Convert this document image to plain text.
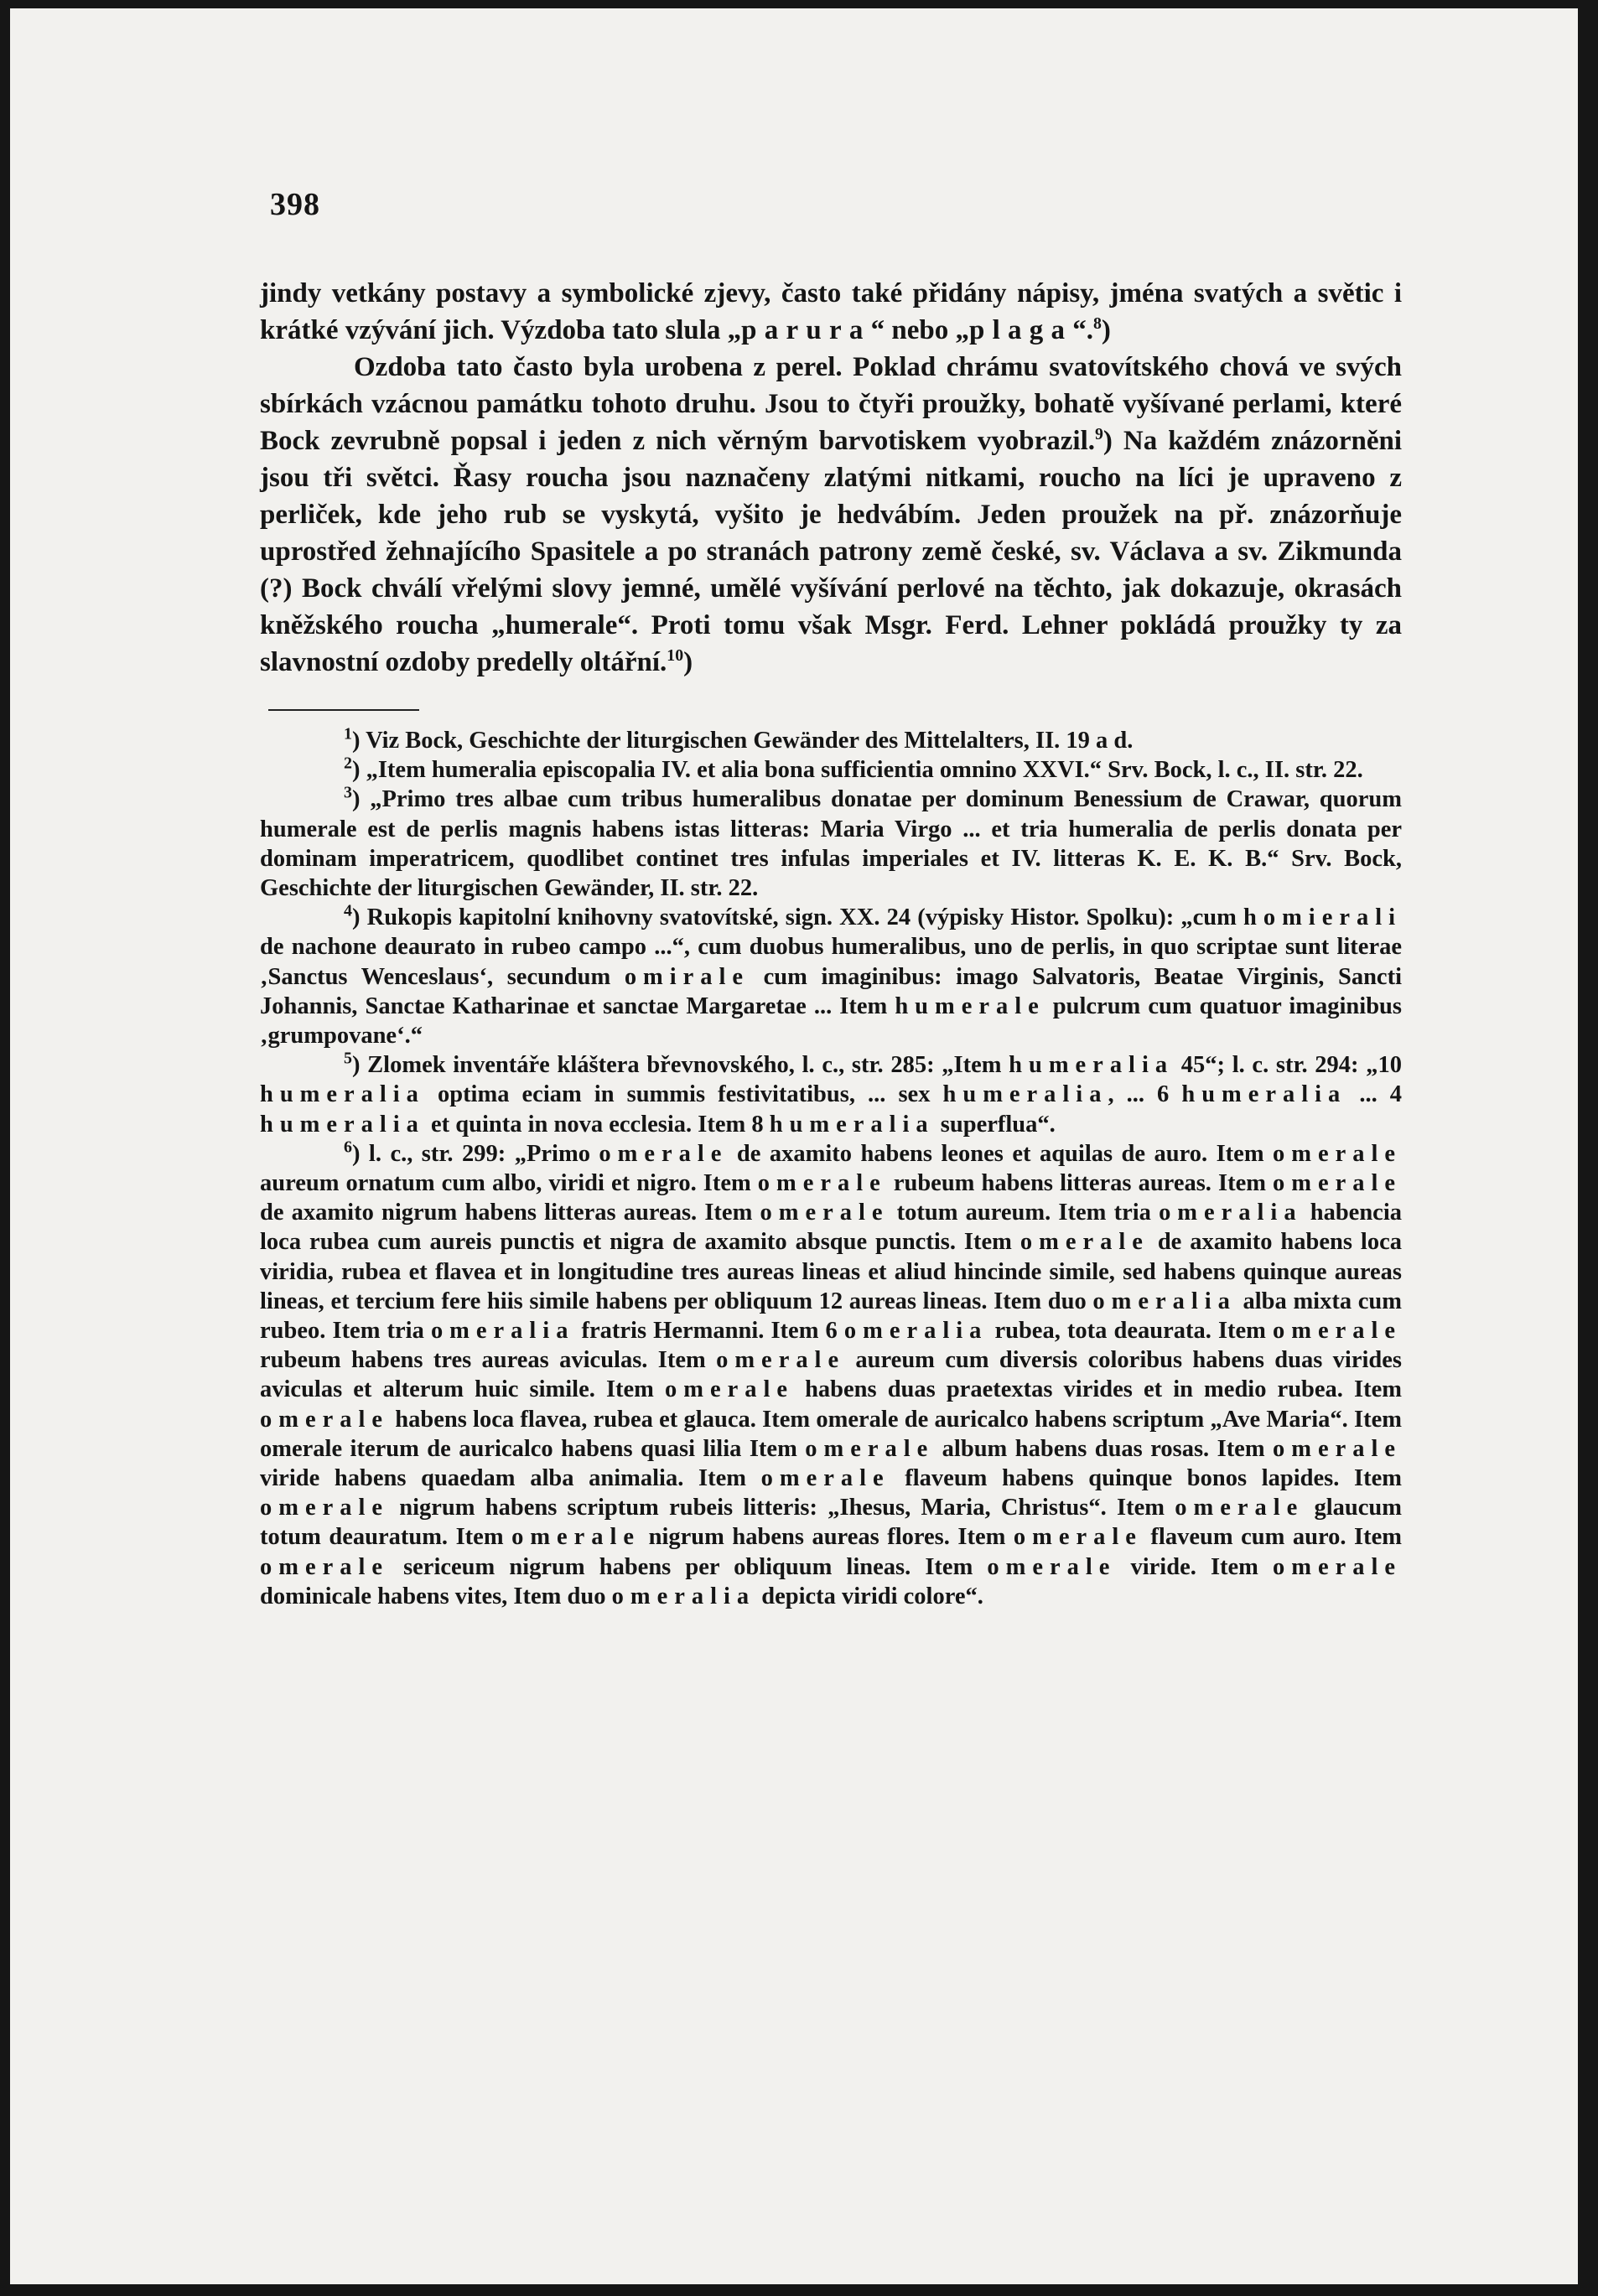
398

jindy vetkány postavy a symbolické zjevy, často také přidány nápisy, jména svatých a světic i krátké vzývání jich. Výzdoba tato slula „parura“ nebo „plaga“.$^8$)

Ozdoba tato často byla urobena z perel. Poklad chrámu svatovítského chová ve svých sbírkách vzácnou památku tohoto druhu. Jsou to čtyři proužky, bohatě vyšívané perlami, které Bock zevrubně popsal i jeden z nich věrným barvotiskem vyobrazil.$^9$) Na každém znázorněni jsou tři světci. Řasy roucha jsou naznačeny zlatými nitkami, roucho na líci je upraveno z perliček, kde jeho rub se vyskytá, vyšito je hedvábím. Jeden proužek na př. znázorňuje uprostřed žehnajícího Spasitele a po stranách patrony země české, sv. Václava a sv. Zikmunda (?) Bock chválí vřelými slovy jemné, umělé vyšívání perlové na těchto, jak dokazuje, okrasách kněžského roucha „humerale“. Proti tomu však Msgr. Ferd. Lehner pokládá proužky ty za slavnostní ozdoby predelly oltářní.$^{10}$)

$^1$) Viz Bock, Geschichte der liturgischen Gewänder des Mittelalters, II. 19 a d.

$^2$) „Item humeralia episcopalia IV. et alia bona sufficientia omnino XXVI.“ Srv. Bock, l. c., II. str. 22.

$^3$) „Primo tres albae cum tribus humeralibus donatae per dominum Benessium de Crawar, quorum humerale est de perlis magnis habens istas litteras: Maria Virgo ... et tria humeralia de perlis donata per dominam imperatricem, quodlibet continet tres infulas imperiales et IV. litteras K. E. K. B.“ Srv. Bock, Geschichte der liturgischen Gewänder, II. str. 22.

$^4$) Rukopis kapitolní knihovny svatovítské, sign. XX. 24 (výpisky Histor. Spolku): „cum homierali de nachone deaurato in rubeo campo ...“, cum duobus humeralibus, uno de perlis, in quo scriptae sunt literae ‚Sanctus Wenceslaus‘, secundum omirale cum imaginibus: imago Salvatoris, Beatae Virginis, Sancti Johannis, Sanctae Katharinae et sanctae Margaretae ... Item humerale pulcrum cum quatuor imaginibus ‚grumpovane‘.“

$^5$) Zlomek inventáře kláštera břevnovského, l. c., str. 285: „Item humeralia 45“; l. c. str. 294: „10 humeralia optima eciam in summis festivitatibus, ... sex humeralia, ... 6 humeralia ... 4 humeralia et quinta in nova ecclesia. Item 8 humeralia superflua“.

$^6$) l. c., str. 299: „Primo omerale de axamito habens leones et aquilas de auro. Item omerale aureum ornatum cum albo, viridi et nigro. Item omerale rubeum habens litteras aureas. Item omerale de axamito nigrum habens litteras aureas. Item omerale totum aureum. Item tria omeralia habencia loca rubea cum aureis punctis et nigra de axamito absque punctis. Item omerale de axamito habens loca viridia, rubea et flavea et in longitudine tres aureas lineas et aliud hincinde simile, sed habens quinque aureas lineas, et tercium fere hiis simile habens per obliquum 12 aureas lineas. Item duo omeralia alba mixta cum rubeo. Item tria omeralia fratris Hermanni. Item 6 omeralia rubea, tota deaurata. Item omerale rubeum habens tres aureas aviculas. Item omerale aureum cum diversis coloribus habens duas virides aviculas et alterum huic simile. Item omerale habens duas praetextas virides et in medio rubea. Item omerale habens loca flavea, rubea et glauca. Item omerale de auricalco habens scriptum „Ave Maria“. Item omerale iterum de auricalco habens quasi lilia Item omerale album habens duas rosas. Item omerale viride habens quaedam alba animalia. Item omerale flaveum habens quinque bonos lapides. Item omerale nigrum habens scriptum rubeis litteris: „Ihesus, Maria, Christus“. Item omerale glaucum totum deauratum. Item omerale nigrum habens aureas flores. Item omerale flaveum cum auro. Item omerale sericeum nigrum habens per obliquum lineas. Item omerale viride. Item omerale dominicale habens vites, Item duo omeralia depicta viridi colore“.
